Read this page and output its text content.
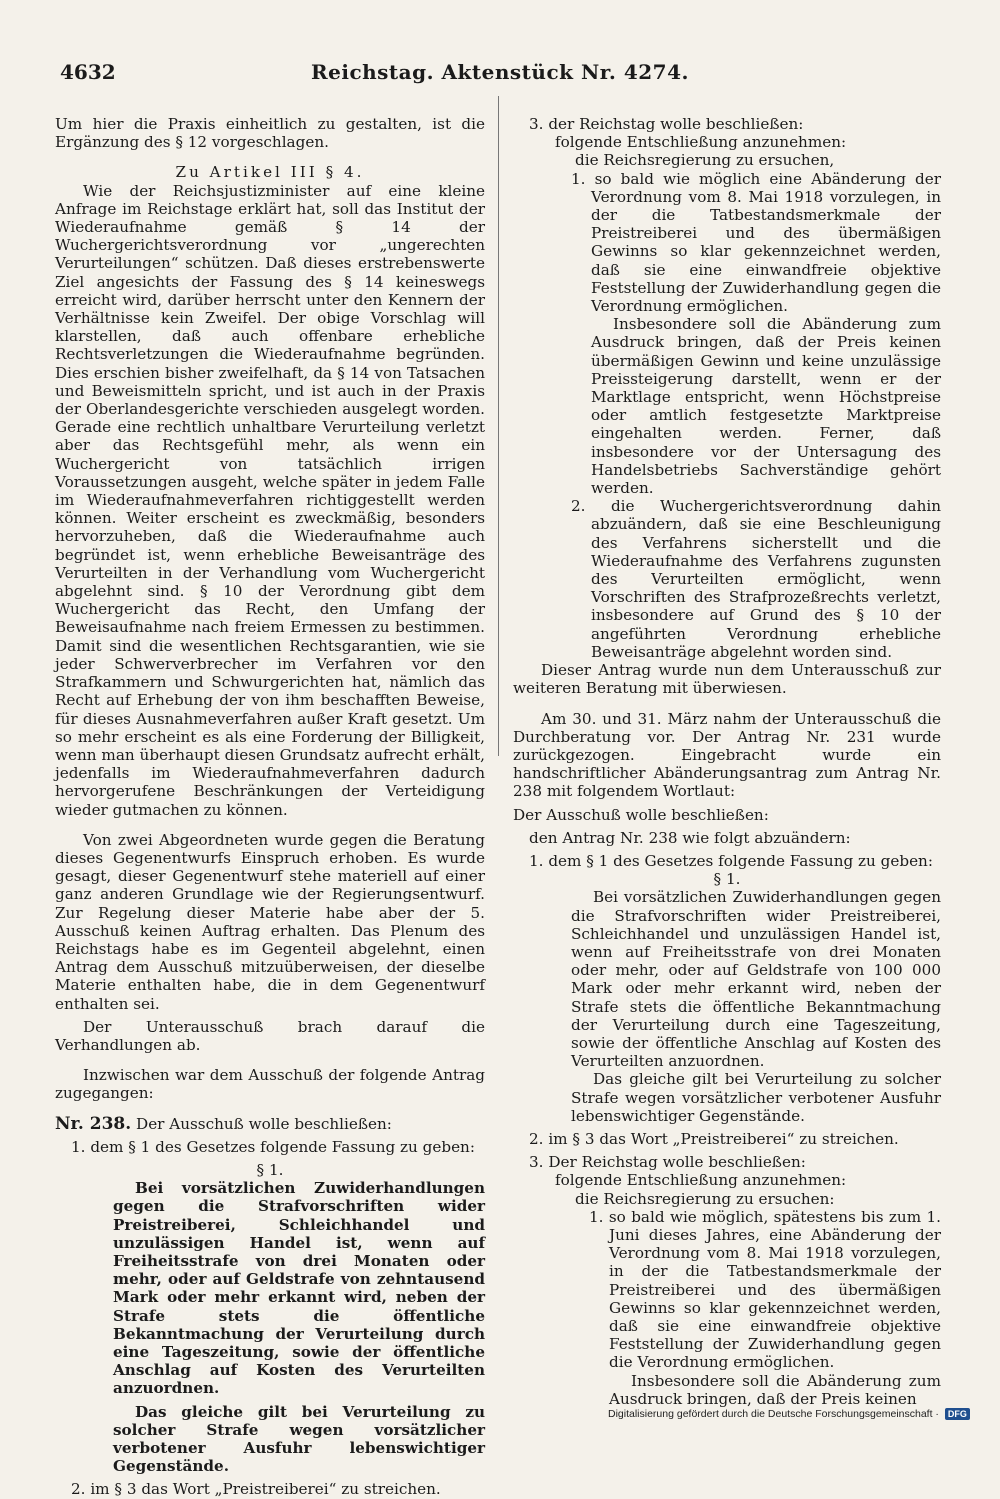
4632	Reichstag. Aktenstück Nr. 4274.

Um hier die Praxis einheitlich zu gestalten, ist die Ergänzung des § 12 vorgeschlagen.

Zu Artikel III § 4.

Wie der Reichsjustizminister auf eine kleine Anfrage im Reichstage erklärt hat, soll das Institut der Wiederaufnahme gemäß § 14 der Wuchergerichtsverordnung vor „ungerechten Verurteilungen“ schützen. Daß dieses erstrebenswerte Ziel angesichts der Fassung des § 14 keineswegs erreicht wird, darüber herrscht unter den Kennern der Verhältnisse kein Zweifel. Der obige Vorschlag will klarstellen, daß auch offenbare erhebliche Rechtsverletzungen die Wiederaufnahme begründen. Dies erschien bisher zweifelhaft, da § 14 von Tatsachen und Beweismitteln spricht, und ist auch in der Praxis der Oberlandesgerichte verschieden ausgelegt worden. Gerade eine rechtlich unhaltbare Verurteilung verletzt aber das Rechtsgefühl mehr, als wenn ein Wuchergericht von tatsächlich irrigen Voraussetzungen ausgeht, welche später in jedem Falle im Wiederaufnahmeverfahren richtiggestellt werden können. Weiter erscheint es zweckmäßig, besonders hervorzuheben, daß die Wiederaufnahme auch begründet ist, wenn erhebliche Beweisanträge des Verurteilten in der Verhandlung vom Wuchergericht abgelehnt sind. § 10 der Verordnung gibt dem Wuchergericht das Recht, den Umfang der Beweisaufnahme nach freiem Ermessen zu bestimmen. Damit sind die wesentlichen Rechtsgarantien, wie sie jeder Schwerverbrecher im Verfahren vor den Strafkammern und Schwurgerichten hat, nämlich das Recht auf Erhebung der von ihm beschafften Beweise, für dieses Ausnahmeverfahren außer Kraft gesetzt. Um so mehr erscheint es als eine Forderung der Billigkeit, wenn man überhaupt diesen Grundsatz aufrecht erhält, jedenfalls im Wiederaufnahmeverfahren dadurch hervorgerufene Beschränkungen der Verteidigung wieder gutmachen zu können.

Von zwei Abgeordneten wurde gegen die Beratung dieses Gegenentwurfs Einspruch erhoben. Es wurde gesagt, dieser Gegenentwurf stehe materiell auf einer ganz anderen Grundlage wie der Regierungsentwurf. Zur Regelung dieser Materie habe aber der 5. Ausschuß keinen Auftrag erhalten. Das Plenum des Reichstags habe es im Gegenteil abgelehnt, einen Antrag dem Ausschuß mitzuüberweisen, der dieselbe Materie enthalten habe, die in dem Gegenentwurf enthalten sei.

Der Unterausschuß brach darauf die Verhandlungen ab.

Inzwischen war dem Ausschuß der folgende Antrag zugegangen:

Nr. 238. Der Ausschuß wolle beschließen:

1. dem § 1 des Gesetzes folgende Fassung zu geben:

§ 1.

Bei vorsätzlichen Zuwiderhandlungen gegen die Strafvorschriften wider Preistreiberei, Schleichhandel und unzulässigen Handel ist, wenn auf Freiheitsstrafe von drei Monaten oder mehr, oder auf Geldstrafe von zehntausend Mark oder mehr erkannt wird, neben der Strafe stets die öffentliche Bekanntmachung der Verurteilung durch eine Tageszeitung, sowie der öffentliche Anschlag auf Kosten des Verurteilten anzuordnen.

Das gleiche gilt bei Verurteilung zu solcher Strafe wegen vorsätzlicher verbotener Ausfuhr lebenswichtiger Gegenstände.

2. im § 3 das Wort „Preistreiberei“ zu streichen.

3. der Reichstag wolle beschließen:

folgende Entschließung anzunehmen:

die Reichsregierung zu ersuchen,

1. so bald wie möglich eine Abänderung der Verordnung vom 8. Mai 1918 vorzulegen, in der die Tatbestandsmerkmale der Preistreiberei und des übermäßigen Gewinns so klar gekennzeichnet werden, daß sie eine einwandfreie objektive Feststellung der Zuwiderhandlung gegen die Verordnung ermöglichen.

Insbesondere soll die Abänderung zum Ausdruck bringen, daß der Preis keinen übermäßigen Gewinn und keine unzulässige Preissteigerung darstellt, wenn er der Marktlage entspricht, wenn Höchstpreise oder amtlich festgesetzte Marktpreise eingehalten werden. Ferner, daß insbesondere vor der Untersagung des Handelsbetriebs Sachverständige gehört werden.

2. die Wuchergerichtsverordnung dahin abzuändern, daß sie eine Beschleunigung des Verfahrens sicherstellt und die Wiederaufnahme des Verfahrens zugunsten des Verurteilten ermöglicht, wenn Vorschriften des Strafprozeßrechts verletzt, insbesondere auf Grund des § 10 der angeführten Verordnung erhebliche Beweisanträge abgelehnt worden sind.

Dieser Antrag wurde nun dem Unterausschuß zur weiteren Beratung mit überwiesen.

Am 30. und 31. März nahm der Unterausschuß die Durchberatung vor. Der Antrag Nr. 231 wurde zurückgezogen. Eingebracht wurde ein handschriftlicher Abänderungsantrag zum Antrag Nr. 238 mit folgendem Wortlaut:

Der Ausschuß wolle beschließen:

den Antrag Nr. 238 wie folgt abzuändern:

1. dem § 1 des Gesetzes folgende Fassung zu geben:

§ 1.

Bei vorsätzlichen Zuwiderhandlungen gegen die Strafvorschriften wider Preistreiberei, Schleichhandel und unzulässigen Handel ist, wenn auf Freiheitsstrafe von drei Monaten oder mehr, oder auf Geldstrafe von 100 000 Mark oder mehr erkannt wird, neben der Strafe stets die öffentliche Bekanntmachung der Verurteilung durch eine Tageszeitung, sowie der öffentliche Anschlag auf Kosten des Verurteilten anzuordnen.

Das gleiche gilt bei Verurteilung zu solcher Strafe wegen vorsätzlicher verbotener Ausfuhr lebenswichtiger Gegenstände.

2. im § 3 das Wort „Preistreiberei“ zu streichen.

3. Der Reichstag wolle beschließen:

folgende Entschließung anzunehmen:

die Reichsregierung zu ersuchen:

1. so bald wie möglich, spätestens bis zum 1. Juni dieses Jahres, eine Abänderung der Verordnung vom 8. Mai 1918 vorzulegen, in der die Tatbestandsmerkmale der Preistreiberei und des übermäßigen Gewinns so klar gekennzeichnet werden, daß sie eine einwandfreie objektive Feststellung der Zuwiderhandlung gegen die Verordnung ermöglichen.

Insbesondere soll die Abänderung zum Ausdruck bringen, daß der Preis keinen

Digitalisierung gefördert durch die Deutsche Forschungsgemeinschaft · DFG
